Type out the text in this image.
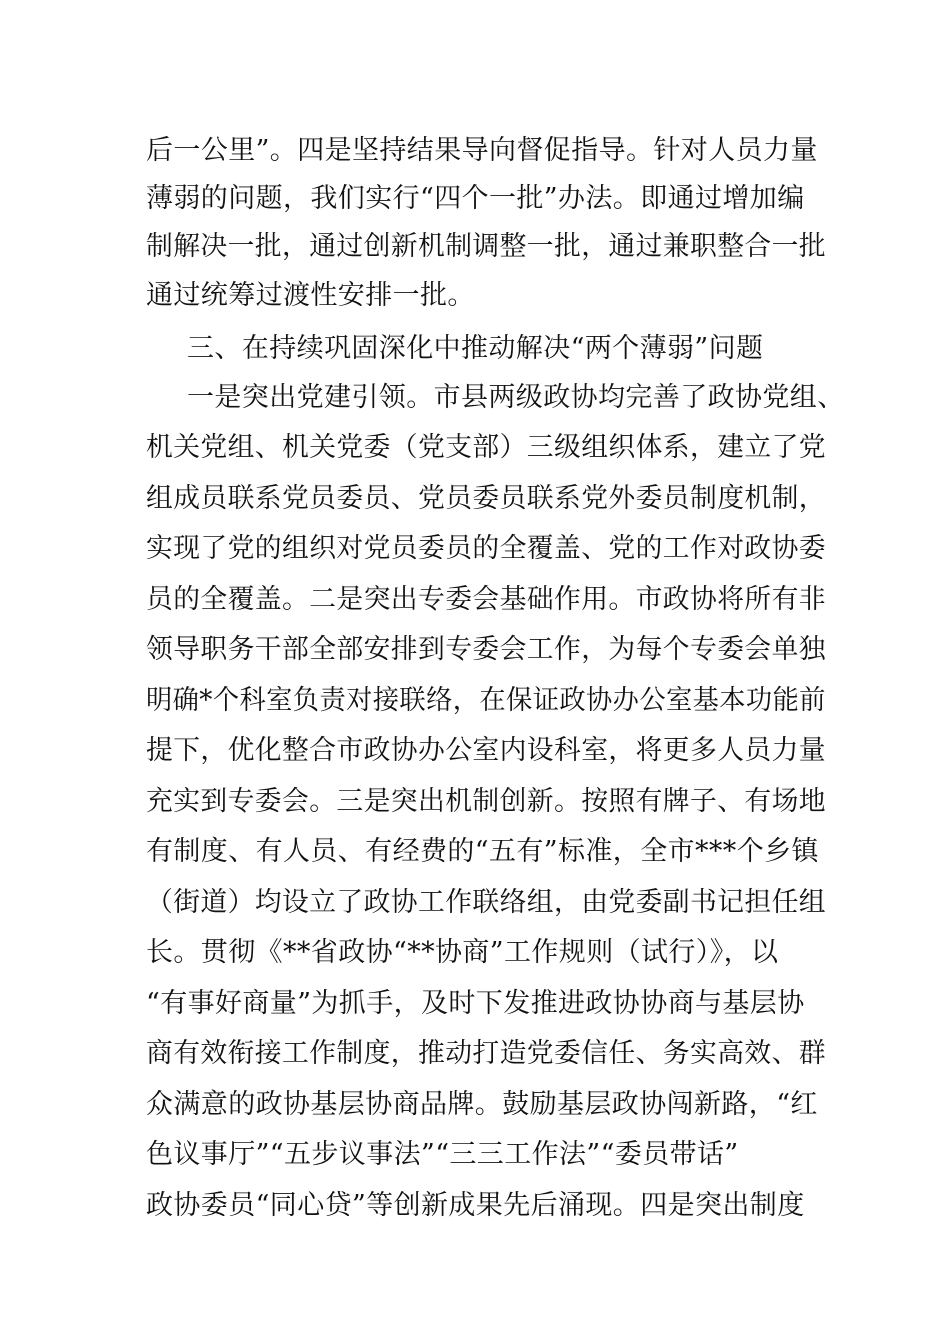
后一公里”。四是坚持结果导向督促指导。针对人员力量
薄弱的问题，我们实行“四个一批”办法。即通过增加编
制解决一批，通过创新机制调整一批，通过兼职整合一批
通过统筹过渡性安排一批。
三、在持续巩固深化中推动解决“两个薄弱”问题
一是突出党建引领。市县两级政协均完善了政协党组、
机关党组、机关党委（党支部）三级组织体系，建立了党
组成员联系党员委员、党员委员联系党外委员制度机制，
实现了党的组织对党员委员的全覆盖、党的工作对政协委
员的全覆盖。二是突出专委会基础作用。市政协将所有非
领导职务干部全部安排到专委会工作，为每个专委会单独
明确*个科室负责对接联络，在保证政协办公室基本功能前
提下，优化整合市政协办公室内设科室，将更多人员力量
充实到专委会。三是突出机制创新。按照有牌子、有场地
有制度、有人员、有经费的“五有”标准，全市***个乡镇
（街道）均设立了政协工作联络组，由党委副书记担任组
长。贯彻《**省政协“**协商”工作规则（试行）》，以
“有事好商量”为抓手，及时下发推进政协协商与基层协
商有效衔接工作制度，推动打造党委信任、务实高效、群
众满意的政协基层协商品牌。鼓励基层政协闯新路，“红
色议事厅”“五步议事法”“三三工作法”“委员带话”
政协委员“同心贷”等创新成果先后涌现。四是突出制度
